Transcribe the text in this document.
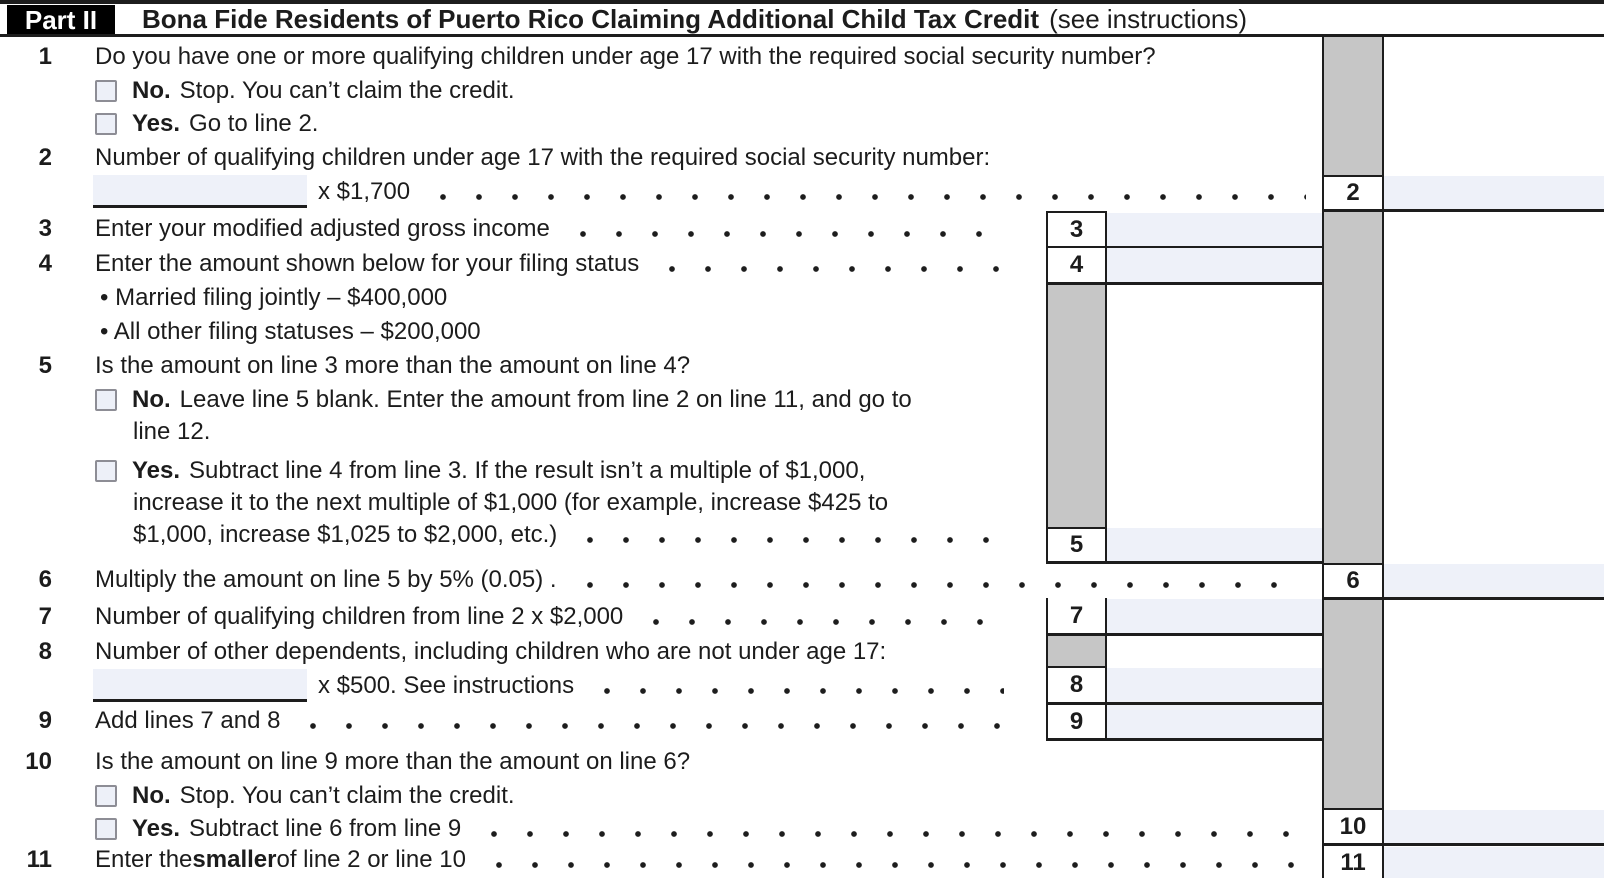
Part II Bona Fide Residents of Puerto Rico Claiming Additional Child Tax Credit (see instructions)
1
2
3
4
5
6
7
8
9
10
11
Do you have one or more qualifying children under age 17 with the required social security number?
No. Stop. You can’t claim the credit.
Yes. Go to line 2.
Number of qualifying children under age 17 with the required social security number:
x $1,700
Enter your modified adjusted gross income
Enter the amount shown below for your filing status
• Married filing jointly – $400,000
• All other filing statuses – $200,000
Is the amount on line 3 more than the amount on line 4?
No. Leave line 5 blank. Enter the amount from line 2 on line 11, and go to
line 12.
Yes. Subtract line 4 from line 3. If the result isn’t a multiple of $1,000,
increase it to the next multiple of $1,000 (for example, increase $425 to
$1,000, increase $1,025 to $2,000, etc.)
Multiply the amount on line 5 by 5% (0.05) .
Number of qualifying children from line 2 x $2,000
Number of other dependents, including children who are not under age 17:
x $500. See instructions
Add lines 7 and 8
Is the amount on line 9 more than the amount on line 6?
No. Stop. You can’t claim the credit.
Yes. Subtract line 6 from line 9
Enter the smaller of line 2 or line 10
3
4
5
7
8
9
2
6
10
11
